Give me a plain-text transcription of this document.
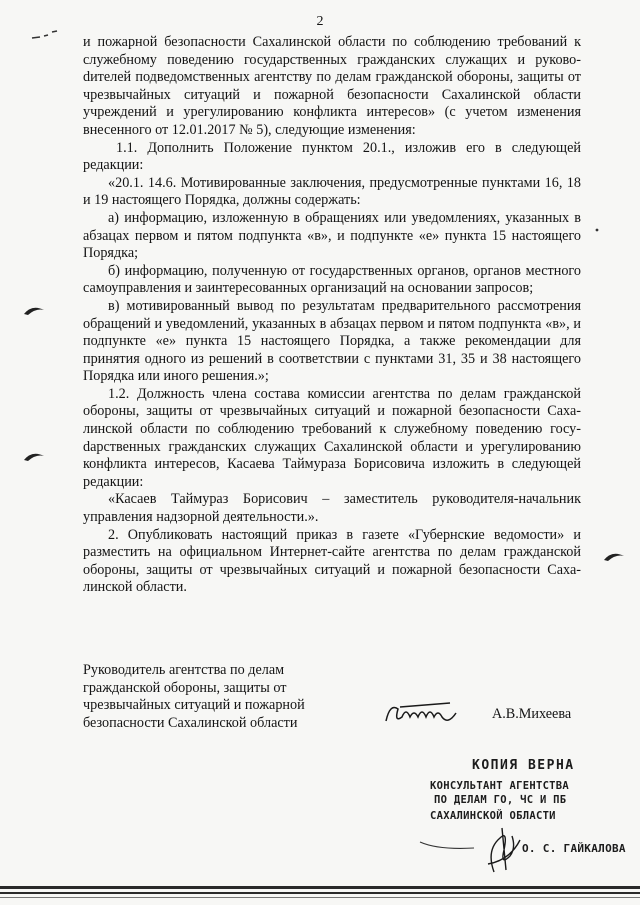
2

и пожарной безопасности Сахалинской области по соблюдению требований к служебному поведению государственных гражданских служащих и руковоdителей подведомственных агентству по делам гражданской обороны, защиты от чрезвычайных ситуаций и пожарной безопасности Сахалинской области учреждений и урегулированию конфликта интересов» (с учетом изменения внесенного от 12.01.2017 № 5), следующие изменения:

1.1. Дополнить Положение пунктом 20.1., изложив его в следующей редакции:

«20.1. 14.6. Мотивированные заключения, предусмотренные пунктами 16, 18 и 19 настоящего Порядка, должны содержать:

а) информацию, изложенную в обращениях или уведомлениях, указанных в абзацах первом и пятом подпункта «в», и подпункте «е» пункта 15 настоящего Порядка;

б) информацию, полученную от государственных органов, органов местного самоуправления и заинтересованных организаций на основании запросов;

в) мотивированный вывод по результатам предварительного рассмотрения обращений и уведомлений, указанных в абзацах первом и пятом подпункта «в», и подпункте «е» пункта 15 настоящего Порядка, а также рекомендации для принятия одного из решений в соответствии с пунктами 31, 35 и 38 настоящего Порядка или иного решения.»;

1.2. Должность члена состава комиссии агентства по делам гражданской обороны, защиты от чрезвычайных ситуаций и пожарной безопасности Сахалинской области по соблюдению требований к служебному поведению госуdарственных гражданских служащих Сахалинской области и урегулированию конфликта интересов, Касаева Таймураза Борисовича изложить в следующей редакции:

«Касаев Таймураз Борисович – заместитель руководителя-начальник управления надзорной деятельности.».

2. Опубликовать настоящий приказ в газете «Губернские ведомости» и разместить на официальном Интернет-сайте агентства по делам гражданской обороны, защиты от чрезвычайных ситуаций и пожарной безопасности Сахалинской области.

Руководитель агентства по делам
гражданской обороны, защиты от
чрезвычайных ситуаций и пожарной
безопасности Сахалинской области
А.В.Михеева
КОПИЯ ВЕРНА
КОНСУЛЬТАНТ АГЕНТСТВА
ПО ДЕЛАМ ГО, ЧС И ПБ
САХАЛИНСКОЙ ОБЛАСТИ
О. С. ГАЙКАЛОВА
